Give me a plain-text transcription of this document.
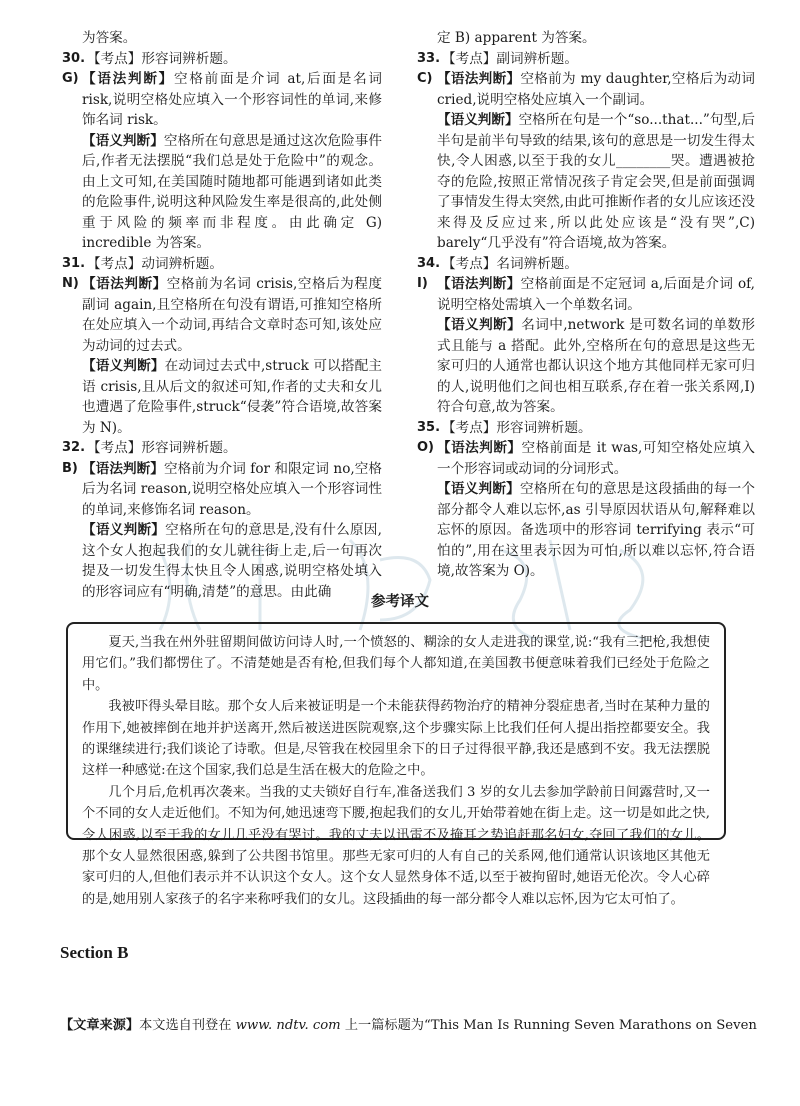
为答案。
30. 【考点】形容词辨析题。
G) 【语法判断】空格前面是介词 at,后面是名词 risk,说明空格处应填入一个形容词性的单词,来修饰名词 risk。
【语义判断】空格所在句意思是通过这次危险事件后,作者无法摆脱“我们总是处于危险中”的观念。由上文可知,在美国随时随地都可能遇到诸如此类的危险事件,说明这种风险发生率是很高的,此处侧重于风险的频率而非程度。由此确定 G) incredible 为答案。
31. 【考点】动词辨析题。
N) 【语法判断】空格前为名词 crisis,空格后为程度副词 again,且空格所在句没有谓语,可推知空格所在处应填入一个动词,再结合文章时态可知,该处应为动词的过去式。
【语义判断】在动词过去式中,struck 可以搭配主语 crisis,且从后文的叙述可知,作者的丈夫和女儿也遭遇了危险事件,struck“侵袭”符合语境,故答案为 N)。
32. 【考点】形容词辨析题。
B) 【语法判断】空格前为介词 for 和限定词 no,空格后为名词 reason,说明空格处应填入一个形容词性的单词,来修饰名词 reason。
【语义判断】空格所在句的意思是,没有什么原因,这个女人抱起我们的女儿就往街上走,后一句再次提及一切发生得太快且令人困惑,说明空格处填入的形容词应有“明确,清楚”的意思。由此确
定 B) apparent 为答案。
33. 【考点】副词辨析题。
C) 【语法判断】空格前为 my daughter,空格后为动词 cried,说明空格处应填入一个副词。
【语义判断】空格所在句是一个“so...that...”句型,后半句是前半句导致的结果,该句的意思是一切发生得太快,令人困惑,以至于我的女儿________哭。遭遇被抢夺的危险,按照正常情况孩子肯定会哭,但是前面强调了事情发生得太突然,由此可推断作者的女儿应该还没来得及反应过来,所以此处应该是“没有哭”,C) barely“几乎没有”符合语境,故为答案。
34. 【考点】名词辨析题。
I) 【语法判断】空格前面是不定冠词 a,后面是介词 of,说明空格处需填入一个单数名词。
【语义判断】名词中,network 是可数名词的单数形式且能与 a 搭配。此外,空格所在句的意思是这些无家可归的人通常也都认识这个地方其他同样无家可归的人,说明他们之间也相互联系,存在着一张关系网,I) 符合句意,故为答案。
35. 【考点】形容词辨析题。
O) 【语法判断】空格前面是 it was,可知空格处应填入一个形容词或动词的分词形式。
【语义判断】空格所在句的意思是这段插曲的每一个部分都令人难以忘怀,as 引导原因状语从句,解释难以忘怀的原因。备选项中的形容词 terrifying 表示“可怕的”,用在这里表示因为可怕,所以难以忘怀,符合语境,故答案为 O)。
参考译文

夏天,当我在州外驻留期间做访问诗人时,一个愤怒的、糊涂的女人走进我的课堂,说:“我有三把枪,我想使用它们。”我们都愣住了。不清楚她是否有枪,但我们每个人都知道,在美国教书便意味着我们已经处于危险之中。

我被吓得头晕目眩。那个女人后来被证明是一个未能获得药物治疗的精神分裂症患者,当时在某种力量的作用下,她被摔倒在地并护送离开,然后被送进医院观察,这个步骤实际上比我们任何人提出指控都要安全。我的课继续进行;我们谈论了诗歌。但是,尽管我在校园里余下的日子过得很平静,我还是感到不安。我无法摆脱这样一种感觉:在这个国家,我们总是生活在极大的危险之中。

几个月后,危机再次袭来。当我的丈夫锁好自行车,准备送我们 3 岁的女儿去参加学龄前日间露营时,又一个不同的女人走近他们。不知为何,她迅速弯下腰,抱起我们的女儿,开始带着她在街上走。这一切是如此之快,令人困惑,以至于我的女儿几乎没有哭过。我的丈夫以迅雷不及掩耳之势追赶那名妇女,夺回了我们的女儿。那个女人显然很困惑,躲到了公共图书馆里。那些无家可归的人有自己的关系网,他们通常认识该地区其他无家可归的人,但他们表示并不认识这个女人。这个女人显然身体不适,以至于被拘留时,她语无伦次。令人心碎的是,她用别人家孩子的名字来称呼我们的女儿。这段插曲的每一部分都令人难以忘怀,因为它太可怕了。

Section B
【文章来源】本文选自刊登在 www. ndtv. com 上一篇标题为“This Man Is Running Seven Marathons on Seven
